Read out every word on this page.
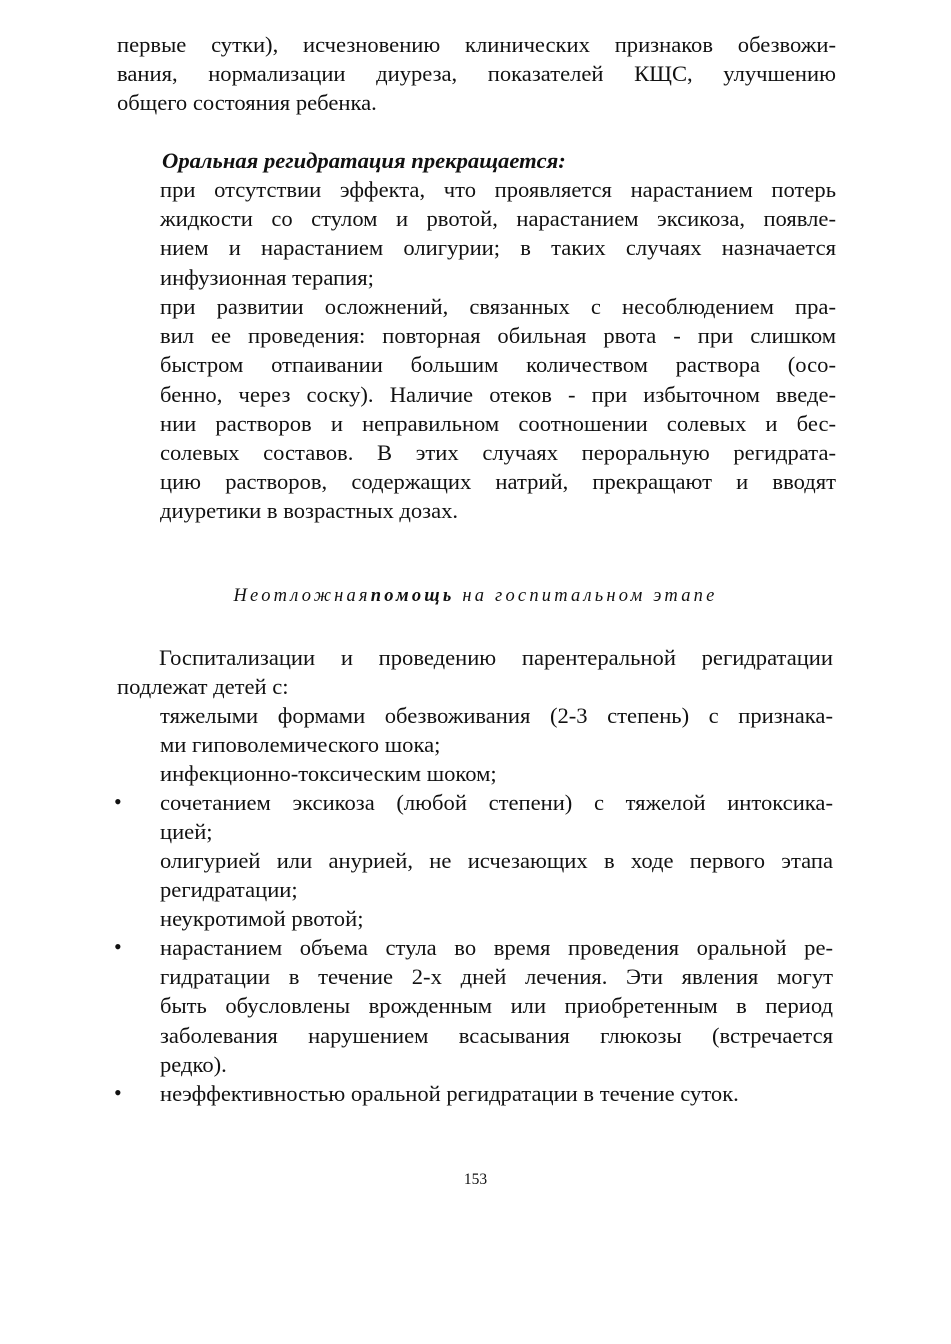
первые сутки), исчезновению клинических признаков обезвожи-
вания, нормализации диуреза, показателей КЩС, улучшению
общего состояния ребенка.
Оральная регидратация прекращается:
при отсутствии эффекта, что проявляется нарастанием потерь
жидкости со стулом и рвотой, нарастанием эксикоза, появле-
нием и нарастанием олигурии; в таких случаях назначается
инфузионная терапия;
при развитии осложнений, связанных с несоблюдением пра-
вил ее проведения: повторная обильная рвота - при слишком
быстром отпаивании большим количеством раствора (осо-
бенно, через соску). Наличие отеков - при избыточном введе-
нии растворов и неправильном соотношении солевых и бес-
солевых составов. В этих случаях пероральную регидрата-
цию растворов, содержащих натрий, прекращают и вводят
диуретики в возрастных дозах.
Неотложнаяпомощь на госпитальном этапе
Госпитализации и проведению парентеральной регидратации
подлежат детей с:
тяжелыми формами обезвоживания (2-3 степень) с признака-
ми гиповолемического шока;
инфекционно-токсическим шоком;
• сочетанием эксикоза (любой степени) с тяжелой интоксика-
цией;
олигурией или анурией, не исчезающих в ходе первого этапа
регидратации;
неукротимой рвотой;
• нарастанием объема стула во время проведения оральной ре-
гидратации в течение 2-х дней лечения. Эти явления могут
быть обусловлены врожденным или приобретенным в период
заболевания нарушением всасывания глюкозы (встречается
редко).
• неэффективностью оральной регидратации в течение суток.
153
